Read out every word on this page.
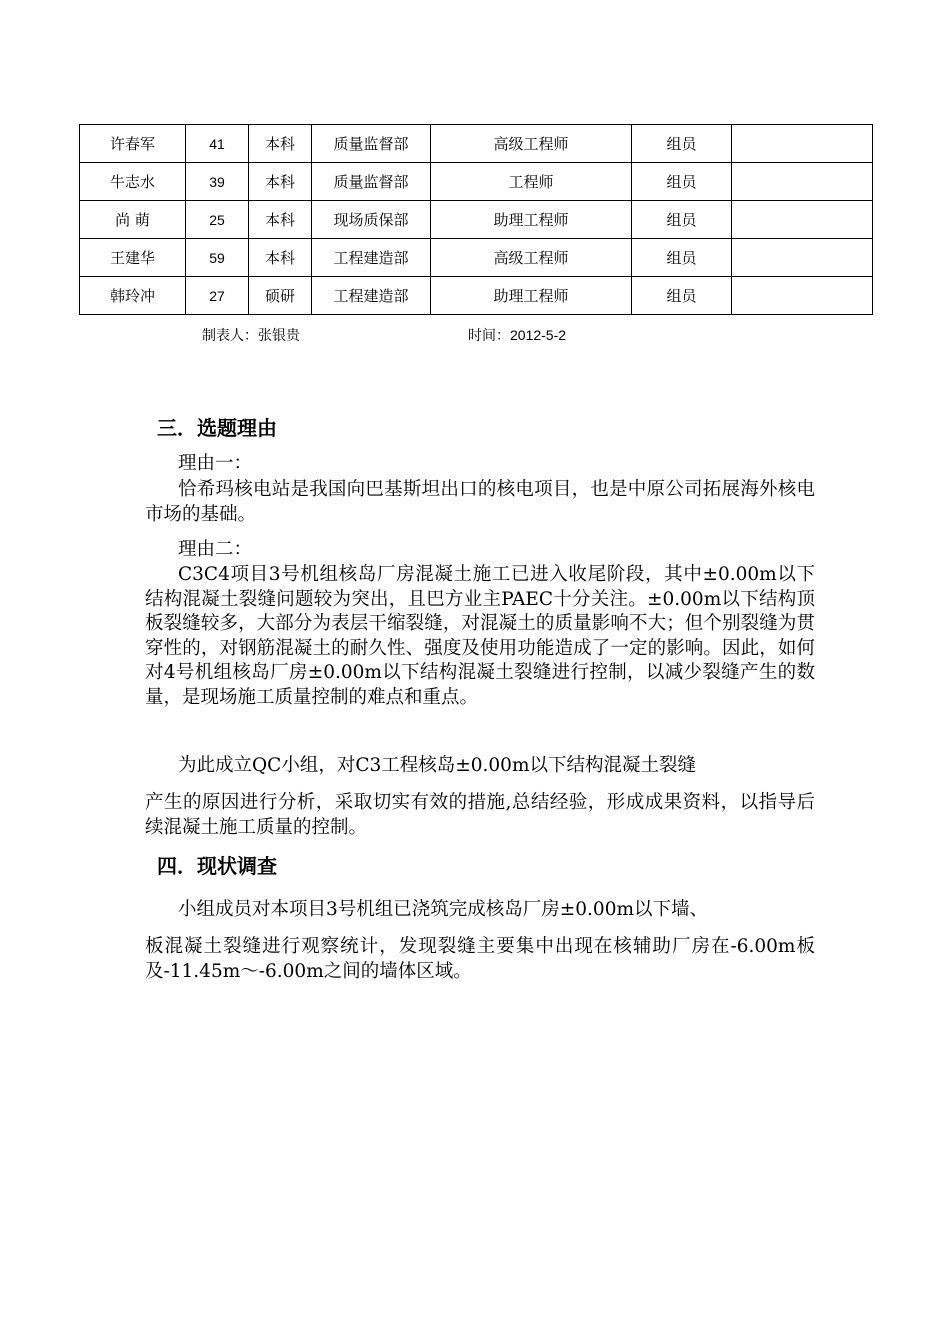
许春军	41	本科	质量监督部	高级工程师	组员	
牛志水	39	本科	质量监督部	工程师	组员	
尚 萌	25	本科	现场质保部	助理工程师	组员	
王建华	59	本科	工程建造部	高级工程师	组员	
韩玲冲	27	硕研	工程建造部	助理工程师	组员	
制表人：张银贵	时间：2012-5-2
三．选题理由
理由一：
恰希玛核电站是我国向巴基斯坦出口的核电项目，也是中原公司拓展海外核电市场的基础。
理由二：
C3C4项目3号机组核岛厂房混凝土施工已进入收尾阶段，其中±0.00m以下结构混凝土裂缝问题较为突出，且巴方业主PAEC十分关注。±0.00m以下结构顶板裂缝较多，大部分为表层干缩裂缝，对混凝土的质量影响不大；但个别裂缝为贯穿性的，对钢筋混凝土的耐久性、强度及使用功能造成了一定的影响。因此，如何对4号机组核岛厂房±0.00m以下结构混凝土裂缝进行控制，以减少裂缝产生的数量，是现场施工质量控制的难点和重点。
为此成立QC小组，对C3工程核岛±0.00m以下结构混凝土裂缝
产生的原因进行分析，采取切实有效的措施,总结经验，形成成果资料，以指导后续混凝土施工质量的控制。
四．现状调查
小组成员对本项目3号机组已浇筑完成核岛厂房±0.00m以下墙、
板混凝土裂缝进行观察统计，发现裂缝主要集中出现在核辅助厂房在-6.00m板及-11.45m～-6.00m之间的墙体区域。
